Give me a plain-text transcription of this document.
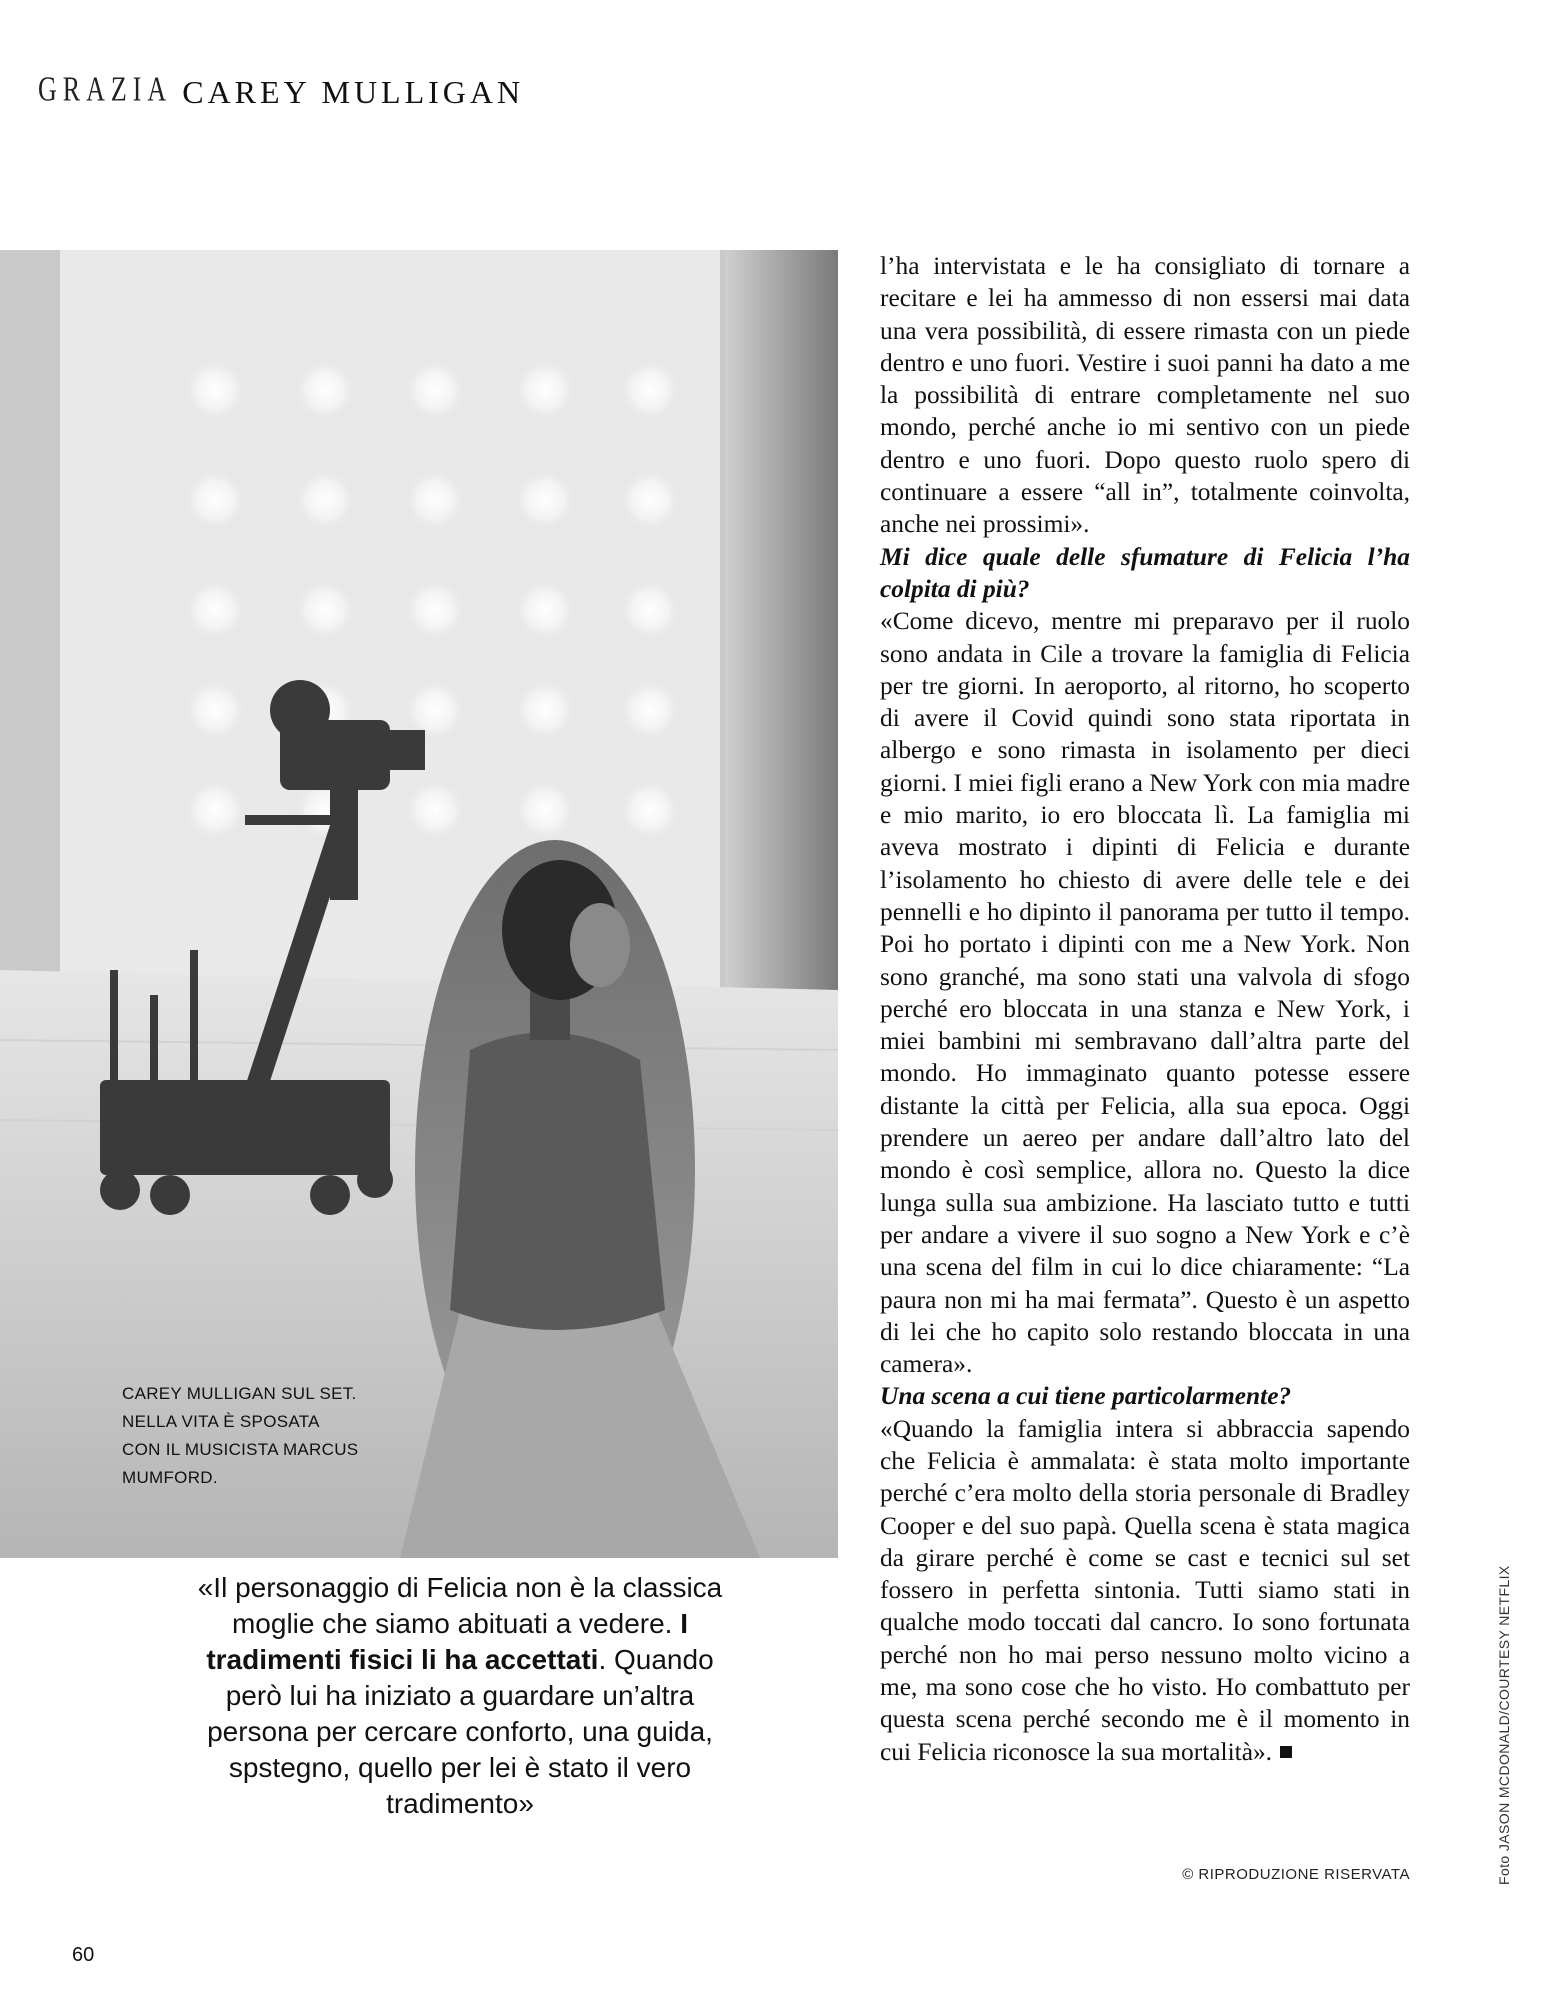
GRAZIA CAREY MULLIGAN
CAREY MULLIGAN SUL SET. NELLA VITA È SPOSATA CON IL MUSICISTA MARCUS MUMFORD.
«Il personaggio di Felicia non è la classica moglie che siamo abituati a vedere. I tradimenti fisici li ha accettati. Quando però lui ha iniziato a guardare un’altra persona per cercare conforto, una guida, spstegno, quello per lei è stato il vero tradimento»

l’ha intervistata e le ha consigliato di tornare a recitare e lei ha ammesso di non essersi mai data una vera possibilità, di essere rimasta con un piede dentro e uno fuori. Vestire i suoi panni ha dato a me la possibilità di entrare completamente nel suo mondo, perché anche io mi sentivo con un piede dentro e uno fuori. Dopo questo ruolo spero di continuare a essere “all in”, totalmente coinvolta, anche nei prossimi».

Mi dice quale delle sfumature di Felicia l’ha colpita di più?

«Come dicevo, mentre mi preparavo per il ruolo sono andata in Cile a trovare la famiglia di Felicia per tre giorni. In aeroporto, al ritorno, ho scoperto di avere il Covid quindi sono stata riportata in albergo e sono rimasta in isolamento per dieci giorni. I miei figli erano a New York con mia madre e mio marito, io ero bloccata lì. La famiglia mi aveva mostrato i dipinti di Felicia e durante l’isolamento ho chiesto di avere delle tele e dei pennelli e ho dipinto il panorama per tutto il tempo. Poi ho portato i dipinti con me a New York. Non sono granché, ma sono stati una valvola di sfogo perché ero bloccata in una stanza e New York, i miei bambini mi sembravano dall’altra parte del mondo. Ho immaginato quanto potesse essere distante la città per Felicia, alla sua epoca. Oggi prendere un aereo per andare dall’altro lato del mondo è così semplice, allora no. Questo la dice lunga sulla sua ambizione. Ha lasciato tutto e tutti per andare a vivere il suo sogno a New York e c’è una scena del film in cui lo dice chiaramente: “La paura non mi ha mai fermata”. Questo è un aspetto di lei che ho capito solo restando bloccata in una camera».

Una scena a cui tiene particolarmente?

«Quando la famiglia intera si abbraccia sapendo che Felicia è ammalata: è stata molto importante perché c’era molto della storia personale di Bradley Cooper e del suo papà. Quella scena è stata magica da girare perché è come se cast e tecnici sul set fossero in perfetta sintonia. Tutti siamo stati in qualche modo toccati dal cancro. Io sono fortunata perché non ho mai perso nessuno molto vicino a me, ma sono cose che ho visto. Ho combattuto per questa scena perché secondo me è il momento in cui Felicia riconosce la sua mortalità».

© RIPRODUZIONE RISERVATA	Foto JASON MCDONALD/COURTESY NETFLIX
60
